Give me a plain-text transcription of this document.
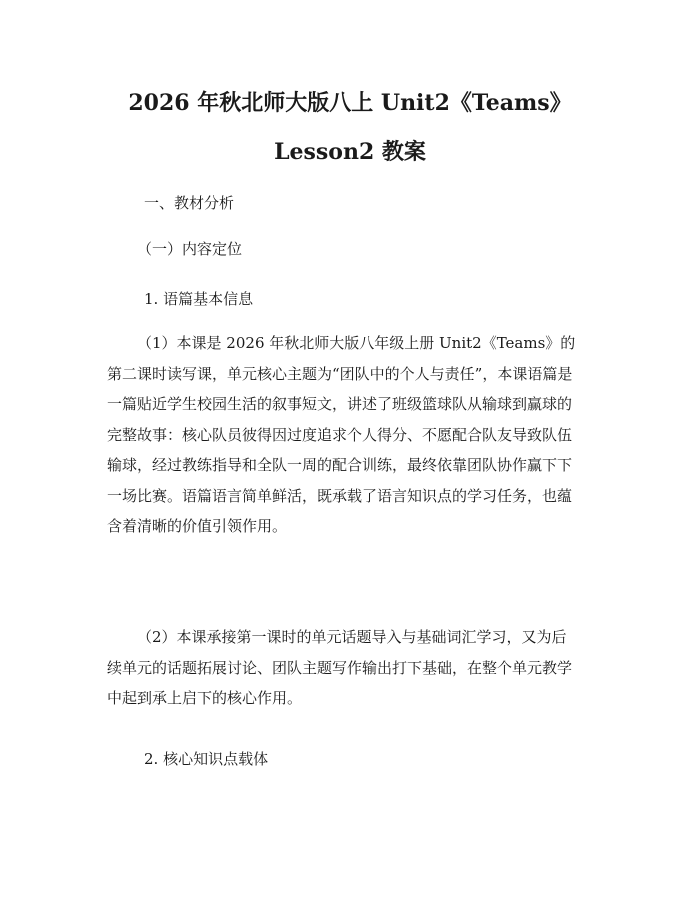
2026 年秋北师大版八上 Unit2《Teams》
Lesson2 教案

一、教材分析

（一）内容定位

1. 语篇基本信息

（1）本课是 2026 年秋北师大版八年级上册 Unit2《Teams》的第二课时读写课，单元核心主题为“团队中的个人与责任”，本课语篇是一篇贴近学生校园生活的叙事短文，讲述了班级篮球队从输球到赢球的完整故事：核心队员彼得因过度追求个人得分、不愿配合队友导致队伍输球，经过教练指导和全队一周的配合训练，最终依靠团队协作赢下下一场比赛。语篇语言简单鲜活，既承载了语言知识点的学习任务，也蕴含着清晰的价值引领作用。

（2）本课承接第一课时的单元话题导入与基础词汇学习，又为后续单元的话题拓展讨论、团队主题写作输出打下基础，在整个单元教学中起到承上启下的核心作用。

2. 核心知识点载体
